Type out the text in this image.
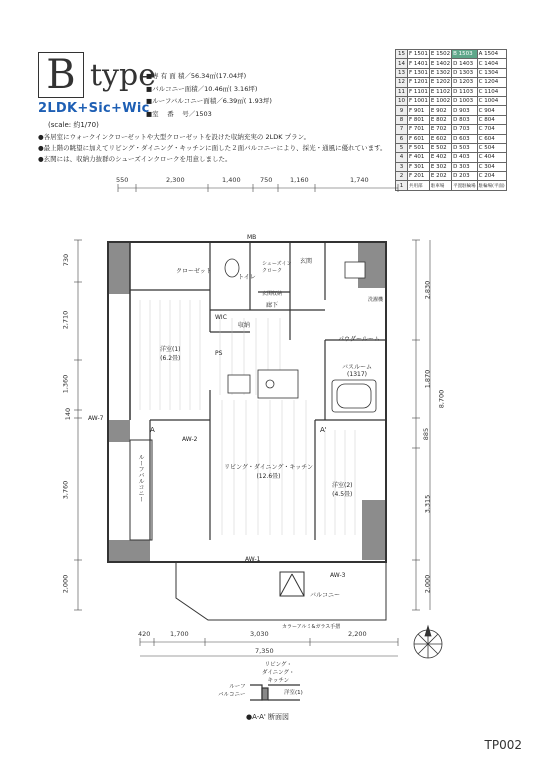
B type
2LDK+Sic+Wic
(scale: 約1/70)
■専 有 面 積／56.34㎡(17.04坪)
■バルコニー面積／10.46㎡( 3.16坪)
■ルーフバルコニー面積／6.39㎡( 1.93坪)
■室 　番 　号／1503
●各居室にウォークインクローゼットや大型クローゼットを設けた収納充実の 2LDK プラン。
●最上階の眺望に加えてリビング・ダイニング・キッチンに面した２面バルコニーにより、採光・通風に優れています。
●玄関には、収納力抜群のシューズインクロークを用意しました。
15	F 1501	E 1502	B 1503	A 1504
14	F 1401	E 1402	D 1403	C 1404
13	F 1301	E 1302	D 1303	C 1304
12	F 1201	E 1202	D 1203	C 1204
11	F 1101	E 1102	D 1103	C 1104
10	F 1001	E 1002	D 1003	C 1004
9	F 901	E 902	D 903	C 904
8	F 801	E 802	D 803	C 804
7	F 701	E 702	D 703	C 704
6	F 601	E 602	D 603	C 604
5	F 501	E 502	D 503	C 504
4	F 401	E 402	D 403	C 404
3	F 301	E 302	D 303	C 304
2	F 201	E 202	D 203	C 204
1	共用部	駐車場	平置駐輪場	駐輪場(平面)
550	2,300	1,400	750	1,160	1,740
420	1,700	3,030	2,200
7,350
730
2,710
1,360
140
3,760
2,000
2,830
1,870
8,700
885
3,315
2,000
MB
クローゼット
WIC
トイレ
玄関
シューズイン
クローク
玄関収納
廊下
パウダールーム
バスルーム
(1317)
洗濯機
洋室(1)
(6.2畳)
洋室(2)
(4.5畳)
リビング・ダイニング・キッチン
(12.6畳)
ルーフバルコニー
バルコニー
カラーアルミ&ガラス手摺
PS
収納
AW-1
AW-2
AW-3
AW-7
A	A'
ルーフ
バルコニー
リビング・
ダイニング・
キッチン
洋室(1)
●A-A' 断面図
TP002
